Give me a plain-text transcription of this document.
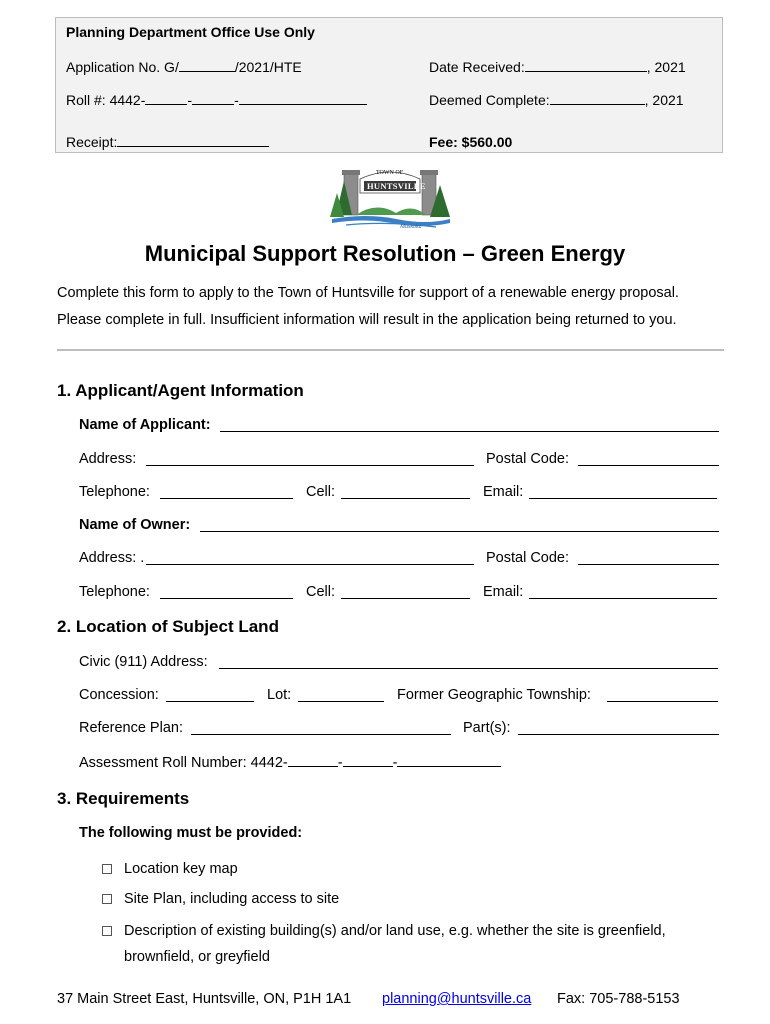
Planning Department Office Use Only
Application No. G/	/2021/HTE	Date Received:	, 2021
Roll #: 4442-	-	-	Deemed Complete:	, 2021
Receipt:	Fee: $560.00
TOWN OF
HUNTSVILLE
Muskoka
Municipal Support Resolution – Green Energy
Complete this form to apply to the Town of Huntsville for support of a renewable energy proposal.
Please complete in full. Insufficient information will result in the application being returned to you.
1. Applicant/Agent Information
Name of Applicant:
Address:	Postal Code:
Telephone:	Cell:	Email:
Name of Owner:
Address: .	Postal Code:
Telephone:	Cell:	Email:
2. Location of Subject Land
Civic (911) Address:
Concession:	Lot:	Former Geographic Township:
Reference Plan:	Part(s):
Assessment Roll Number: 4442-	-	-
3. Requirements
The following must be provided:
Location key map
Site Plan, including access to site
Description of existing building(s) and/or land use, e.g. whether the site is greenfield,
brownfield, or greyfield
37 Main Street East, Huntsville, ON, P1H 1A1 planning@huntsville.ca Fax: 705-788-5153
